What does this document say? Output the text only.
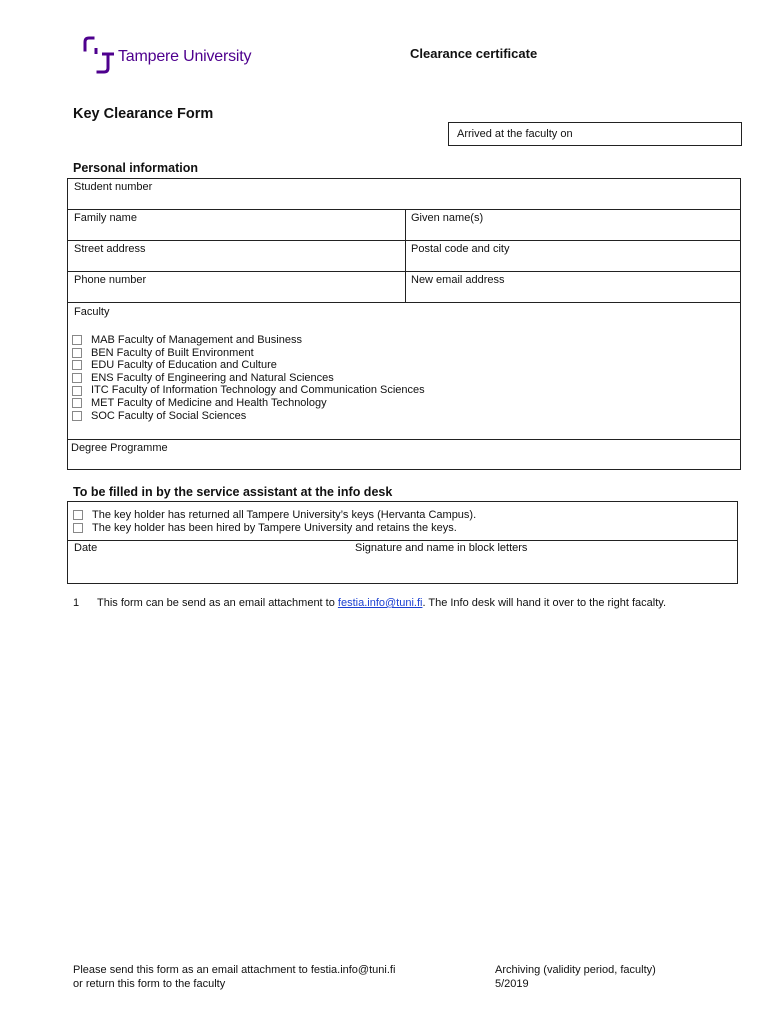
Tampere University	Clearance certificate
Key Clearance Form
Arrived at the faculty on
Personal information
Student number
Family name	Given name(s)
Street address	Postal code and city
Phone number	New email address
Faculty
MAB Faculty of Management and Business
BEN Faculty of Built Environment
EDU Faculty of Education and Culture
ENS Faculty of Engineering and Natural Sciences
ITC Faculty of Information Technology and Communication Sciences
MET Faculty of Medicine and Health Technology
SOC Faculty of Social Sciences
Degree Programme
To be filled in by the service assistant at the info desk
The key holder has returned all Tampere University’s keys (Hervanta Campus).
The key holder has been hired by Tampere University and retains the keys.
Date	Signature and name in block letters
1 This form can be send as an email attachment to festia.info@tuni.fi. The Info desk will hand it over to the right facalty.
Please send this form as an email attachment to festia.info@tuni.fi
or return this form to the faculty
Archiving (validity period, faculty)
5/2019
